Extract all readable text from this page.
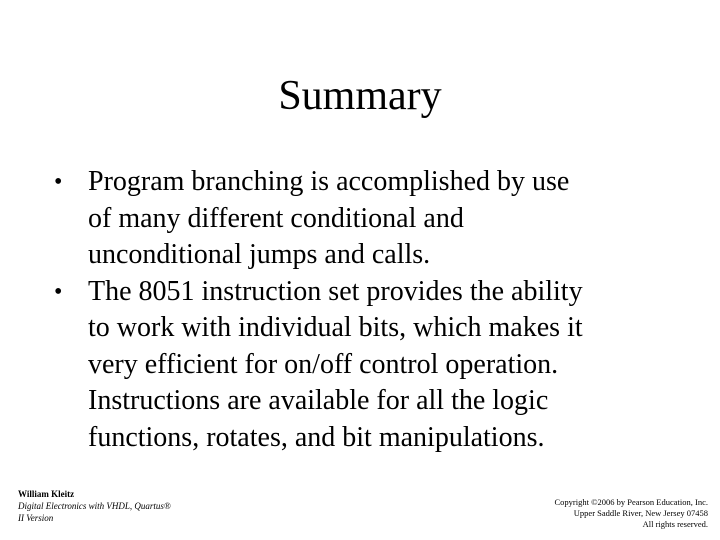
Summary
• Program branching is accomplished by use
of many different conditional and
unconditional jumps and calls.
• The 8051 instruction set provides the ability
to work with individual bits, which makes it
very efficient for on/off control operation.
Instructions are available for all the logic
functions, rotates, and bit manipulations.
William Kleitz
Digital Electronics with VHDL, Quartus®
II Version
Copyright ©2006 by Pearson Education, Inc.
Upper Saddle River, New Jersey 07458
All rights reserved.
